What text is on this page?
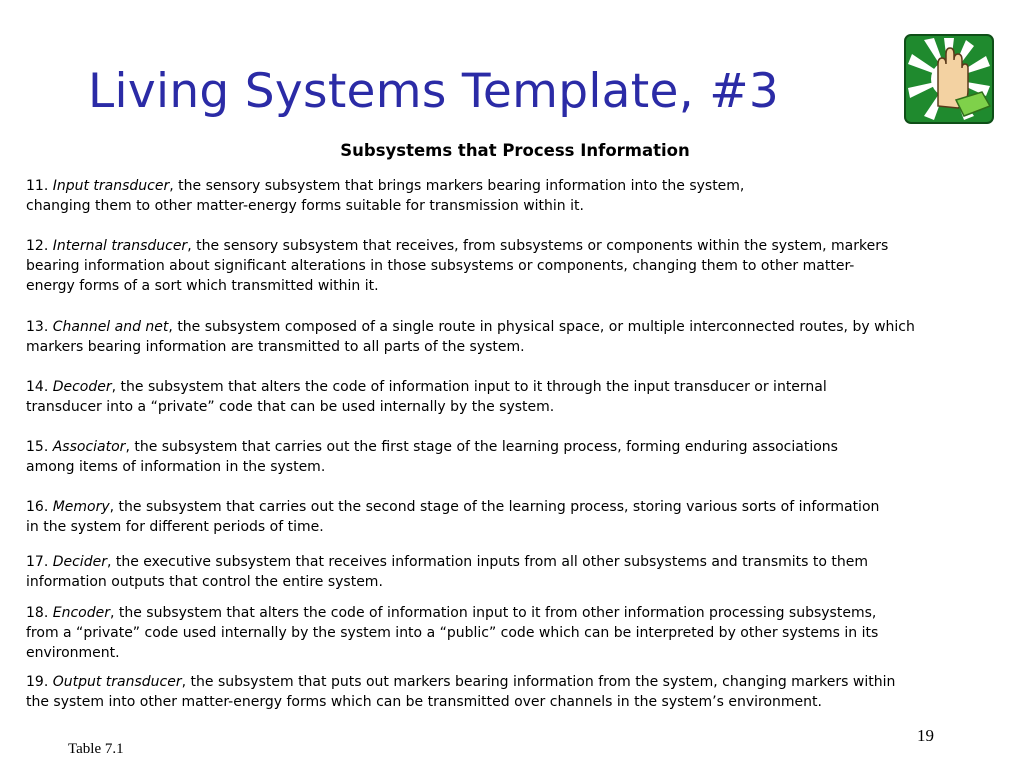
Living Systems Template, #3
Subsystems that Process Information
11. Input transducer, the sensory subsystem that brings markers bearing information into the system,
changing them to other matter-energy forms suitable for transmission within it.
12. Internal transducer, the sensory subsystem that receives, from subsystems or components within the system, markers
bearing information about significant alterations in those subsystems or components, changing them to other matter-
energy forms of a sort which transmitted within it.
13. Channel and net, the subsystem composed of a single route in physical space, or multiple interconnected routes, by which
markers bearing information are transmitted to all parts of the system.
14. Decoder, the subsystem that alters the code of information input to it through the input transducer or internal
transducer into a “private” code that can be used internally by the system.
15. Associator, the subsystem that carries out the first stage of the learning process, forming enduring associations
among items of information in the system.
16. Memory, the subsystem that carries out the second stage of the learning process, storing various sorts of information
in the system for different periods of time.
17. Decider, the executive subsystem that receives information inputs from all other subsystems and transmits to them
information outputs that control the entire system.
18. Encoder, the subsystem that alters the code of information input to it from other information processing subsystems,
from a “private” code used internally by the system into a “public” code which can be interpreted by other systems in its
environment.
19. Output transducer, the subsystem that puts out markers bearing information from the system, changing markers within
the system into other matter-energy forms which can be transmitted over channels in the system’s environment.
19
Table 7.1
